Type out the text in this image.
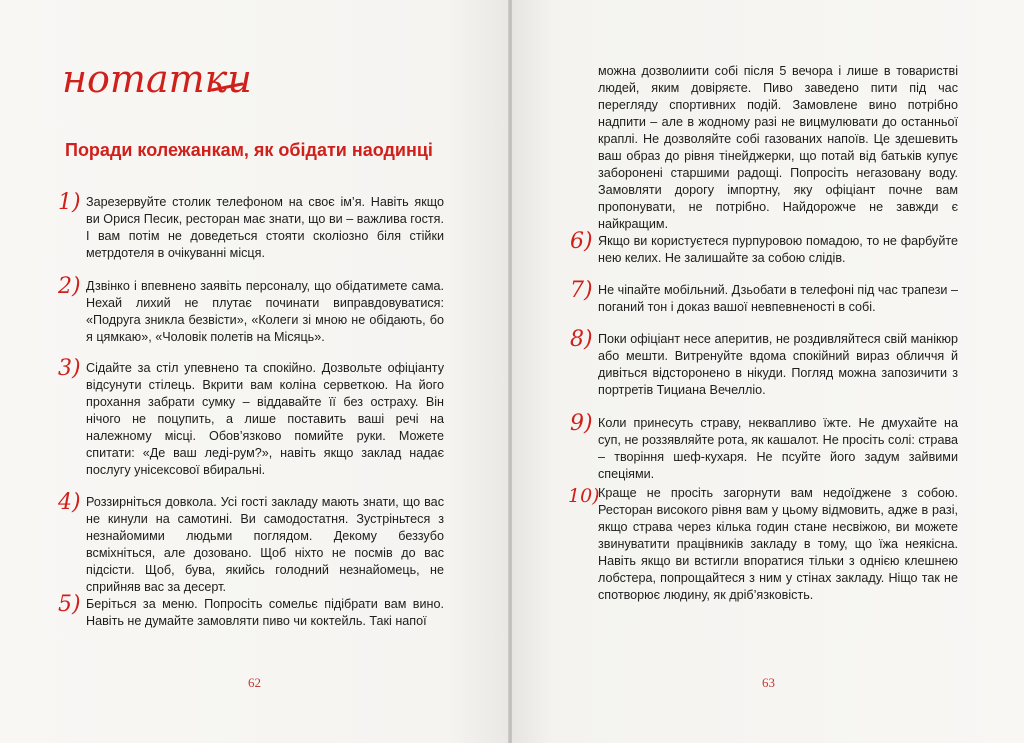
нотатки
Поради колежанкам, як обідати наодинці
1) Зарезервуйте столик телефоном на своє ім’я. Навіть якщо ви Орися Песик, ресторан має знати, що ви – важлива гостя. І вам потім не доведеться стояти сколіозно біля стійки метрдотеля в очікуванні місця.

2) Дзвінко і впевнено заявіть персоналу, що обідатимете сама. Нехай лихий не плутає починати виправдовуватися: «Подруга зникла безвісти», «Колеги зі мною не обідають, бо я цямкаю», «Чоловік полетів на Місяць».

3) Сідайте за стіл упевнено та спокійно. Дозвольте офіціанту відсунути стілець. Вкрити вам коліна серветкою. На його прохання забрати сумку – віддавайте її без остраху. Він нічого не поцупить, а лише поставить ваші речі на належному місці. Обов’язково помийте руки. Можете спитати: «Де ваш леді-рум?», навіть якщо заклад надає послугу унісексової вбиральні.

4) Роззирніться довкола. Усі гості закладу мають знати, що вас не кинули на самотині. Ви самодостатня. Зустріньтеся з незнайомими людьми поглядом. Декому беззубо всміхніться, але дозовано. Щоб ніхто не посмів до вас підсісти. Щоб, бува, якийсь голодний незнайомець, не сприйняв вас за десерт.

5) Беріться за меню. Попросіть сомельє підібрати вам вино. Навіть не думайте замовляти пиво чи коктейль. Такі напої

62

можна дозволиити собі після 5 вечора і лише в товаристві людей, яким довіряєте. Пиво заведено пити під час перегляду спортивних подій. Замовлене вино потрібно надпити – але в жодному разі не вицмулювати до останньої краплі. Не дозволяйте собі газованих напоїв. Це здешевить ваш образ до рівня тінейджерки, що потай від батьків купує заборонені старшими радощі. Попросіть негазовану воду. Замовляти дорогу імпортну, яку офіціант почне вам пропонувати, не потрібно. Найдорожче не завжди є найкращим.

6) Якщо ви користуєтеся пурпуровою помадою, то не фарбуйте нею келих. Не залишайте за собою слідів.

7) Не чіпайте мобільний. Дзьобати в телефоні під час трапези – поганий тон і доказ вашої невпевненості в собі.

8) Поки офіціант несе аперитив, не роздивляйтеся свій манікюр або мешти. Витренуйте вдома спокійний вираз обличчя й дивіться відсторонено в нікуди. Погляд можна запозичити з портретів Тициана Вечелліо.

9) Коли принесуть страву, неквапливо їжте. Не дмухайте на суп, не роззявляйте рота, як кашалот. Не просіть солі: страва – творіння шеф-кухаря. Не псуйте його задум зайвими спеціями.

10)

Краще не просіть загорнути вам недоїджене з собою. Ресторан високого рівня вам у цьому відмовить, адже в разі, якщо страва через кілька годин стане несвіжою, ви можете звинуватити працівників закладу в тому, що їжа неякісна. Навіть якщо ви встигли впоратися тільки з однією клешнею лобстера, попрощайтеся з ним у стінах закладу. Ніщо так не спотворює людину, як дріб’язковість.

63
